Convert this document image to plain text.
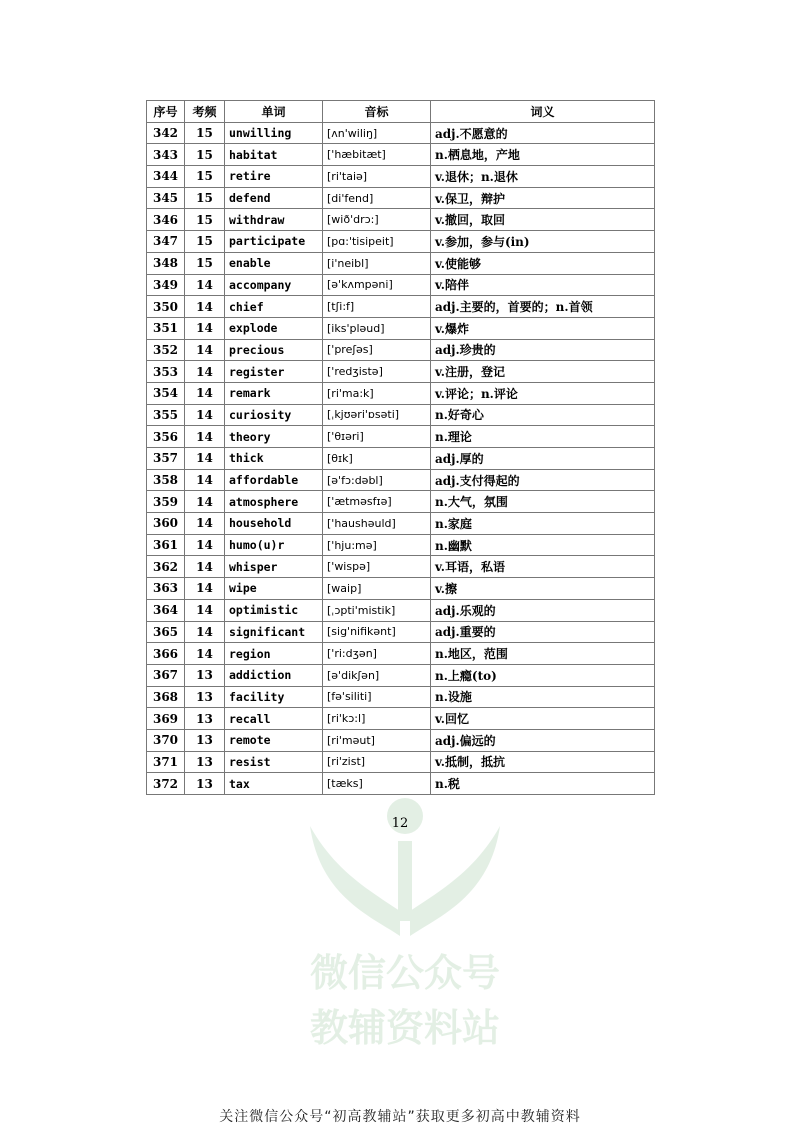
序号	考频	单词	音标	词义
342	15	unwilling	[ʌn'wiliŋ]	adj.不愿意的
343	15	habitat	['hæbitæt]	n.栖息地，产地
344	15	retire	[ri'taiə]	v.退休；n.退休
345	15	defend	[di'fend]	v.保卫，辩护
346	15	withdraw	[wið'drɔ:]	v.撤回，取回
347	15	participate	[pɑ:'tisipeit]	v.参加，参与(in)
348	15	enable	[i'neibl]	v.使能够
349	14	accompany	[ə'kʌmpəni]	v.陪伴
350	14	chief	[tʃi:f]	adj.主要的，首要的；n.首领
351	14	explode	[iks'pləud]	v.爆炸
352	14	precious	['preʃəs]	adj.珍贵的
353	14	register	['redʒistə]	v.注册，登记
354	14	remark	[ri'ma:k]	v.评论；n.评论
355	14	curiosity	[ˌkjʊəri'ɒsəti]	n.好奇心
356	14	theory	['θɪəri]	n.理论
357	14	thick	[θɪk]	adj.厚的
358	14	affordable	[ə'fɔ:dəbl]	adj.支付得起的
359	14	atmosphere	['ætməsfɪə]	n.大气，氛围
360	14	household	['haushəuld]	n.家庭
361	14	humo(u)r	['hju:mə]	n.幽默
362	14	whisper	['wispə]	v.耳语，私语
363	14	wipe	[waip]	v.擦
364	14	optimistic	[ˌɔpti'mistik]	adj.乐观的
365	14	significant	[sig'nifikənt]	adj.重要的
366	14	region	['ri:dʒən]	n.地区，范围
367	13	addiction	[ə'dikʃən]	n.上瘾(to)
368	13	facility	[fə'siliti]	n.设施
369	13	recall	[ri'kɔ:l]	v.回忆
370	13	remote	[ri'məut]	adj.偏远的
371	13	resist	[ri'zist]	v.抵制，抵抗
372	13	tax	[tæks]	n.税
微信公众号
教辅资料站
12
关注微信公众号“初高教辅站”获取更多初高中教辅资料
